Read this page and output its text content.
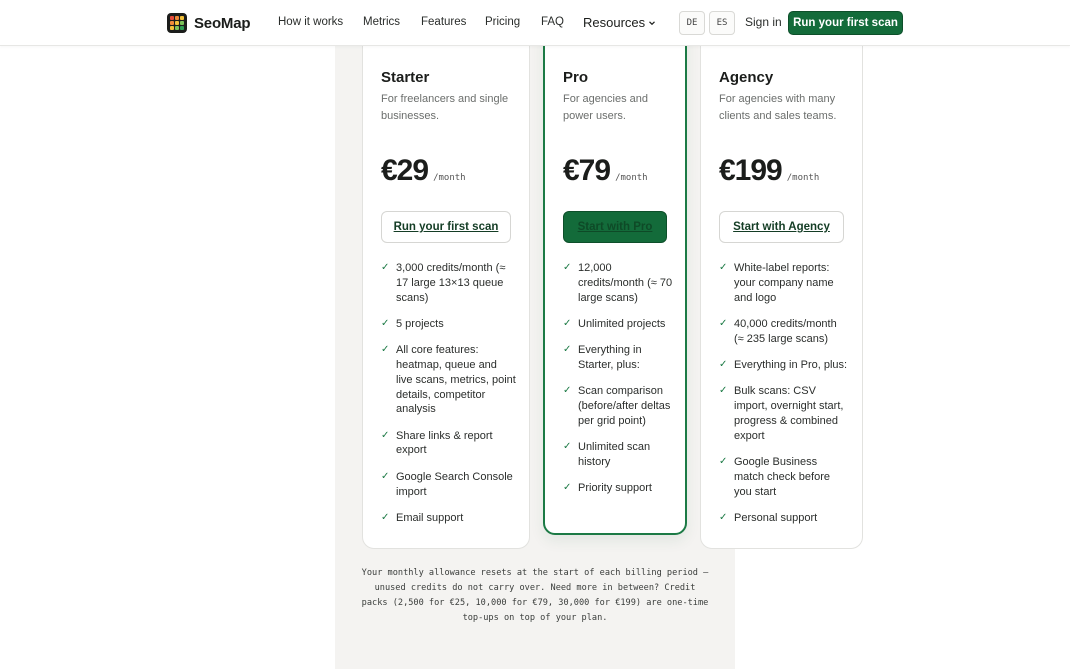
SeoMap How it works Metrics Features Pricing FAQ Resources	DE	ES	Sign in Run your first scan
Starter
For freelancers and single businesses.
€29 /month
Run your first scan
✓ 3,000 credits/month (≈ 17 large 13×13 queue scans)
✓ 5 projects
✓ All core features: heatmap, queue and live scans, metrics, point details, competitor analysis
✓ Share links & report export
✓ Google Search Console import
✓ Email support
Pro
For agencies and power users.
€79 /month
Start with Pro
✓ 12,000 credits/month (≈ 70 large scans)
✓ Unlimited projects
✓ Everything in Starter, plus:
✓ Scan comparison (before/after deltas per grid point)
✓ Unlimited scan history
✓ Priority support
Agency
For agencies with many clients and sales teams.
€199 /month
Start with Agency
✓ White-label reports: your company name and logo
✓ 40,000 credits/month (≈ 235 large scans)
✓ Everything in Pro, plus:
✓ Bulk scans: CSV import, overnight start, progress & combined export
✓ Google Business match check before you start
✓ Personal support

Your monthly allowance resets at the start of each billing period — unused credits do not carry over. Need more in between? Credit packs (2,500 for €25, 10,000 for €79, 30,000 for €199) are one-time top-ups on top of your plan.
